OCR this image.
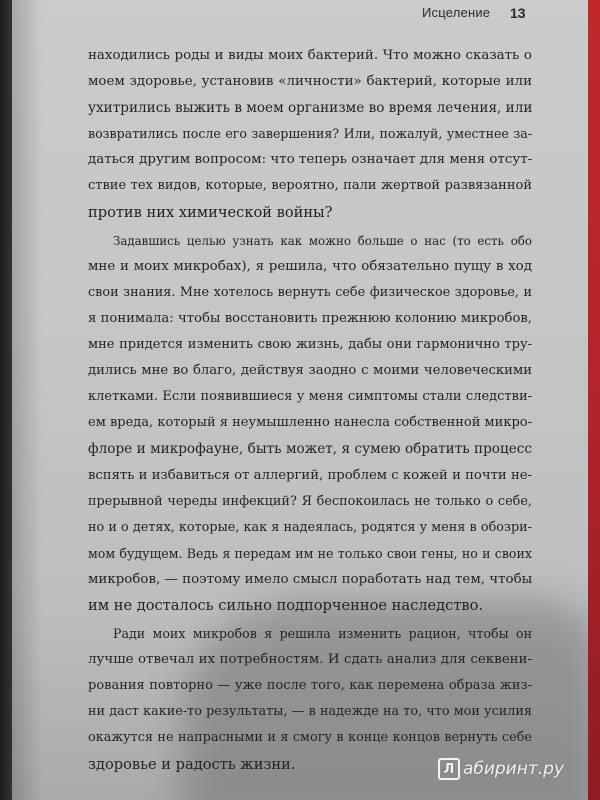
Исцеление 13
находились роды и виды моих бактерий. Что можно сказать о
моем здоровье, установив «личности» бактерий, которые или
ухитрились выжить в моем организме во время лечения, или
возвратились после его завершения? Или, пожалуй, уместнее за-
даться другим вопросом: что теперь означает для меня отсут-
ствие тех видов, которые, вероятно, пали жертвой развязанной
против них химической войны?
Задавшись целью узнать как можно больше о нас (то есть обо
мне и моих микробах), я решила, что обязательно пущу в ход
свои знания. Мне хотелось вернуть себе физическое здоровье, и
я понимала: чтобы восстановить прежнюю колонию микробов,
мне придется изменить свою жизнь, дабы они гармонично тру-
дились мне во благо, действуя заодно с моими человеческими
клетками. Если появившиеся у меня симптомы стали следстви-
ем вреда, который я неумышленно нанесла собственной микро-
флоре и микрофауне, быть может, я сумею обратить процесс
вспять и избавиться от аллергий, проблем с кожей и почти не-
прерывной череды инфекций? Я беспокоилась не только о себе,
но и о детях, которые, как я надеялась, родятся у меня в обозри-
мом будущем. Ведь я передам им не только свои гены, но и своих
микробов, — поэтому имело смысл поработать над тем, чтобы
им не досталось сильно подпорченное наследство.
Ради моих микробов я решила изменить рацион, чтобы он
лучше отвечал их потребностям. И сдать анализ для секвени-
рования повторно — уже после того, как перемена образа жиз-
ни даст какие-то результаты, — в надежде на то, что мои усилия
окажутся не напрасными и я смогу в конце концов вернуть себе
здоровье и радость жизни.	Л абиринт.ру
